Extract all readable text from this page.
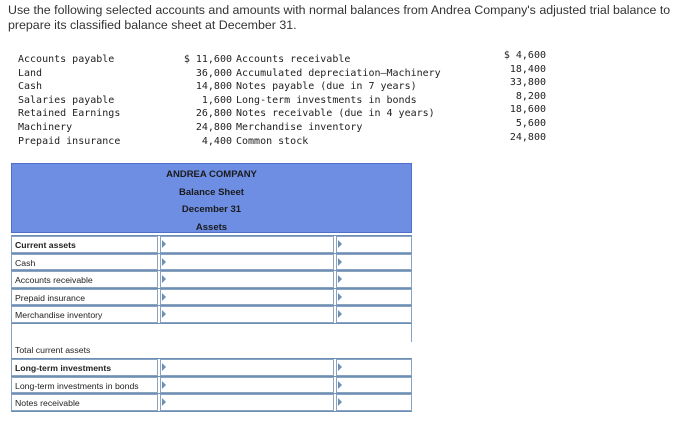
Use the following selected accounts and amounts with normal balances from Andrea Company's adjusted trial balance to prepare its classified balance sheet at December 31.

Accounts payable
Land
Cash
Salaries payable
Retained Earnings
Machinery
Prepaid insurance
$ 11,600
36,000
14,800
1,600
26,800
24,800
4,400
Accounts receivable
Accumulated depreciation—Machinery
Notes payable (due in 7 years)
Long-term investments in bonds
Notes receivable (due in 4 years)
Merchandise inventory
Common stock
$ 4,600
18,400
33,800
8,200
18,600
5,600
24,800
ANDREA COMPANY
Balance Sheet
December 31
Assets
Current assets
Cash
Accounts receivable
Prepaid insurance
Merchandise inventory
Total current assets
Long-term investments
Long-term investments in bonds
Notes receivable
